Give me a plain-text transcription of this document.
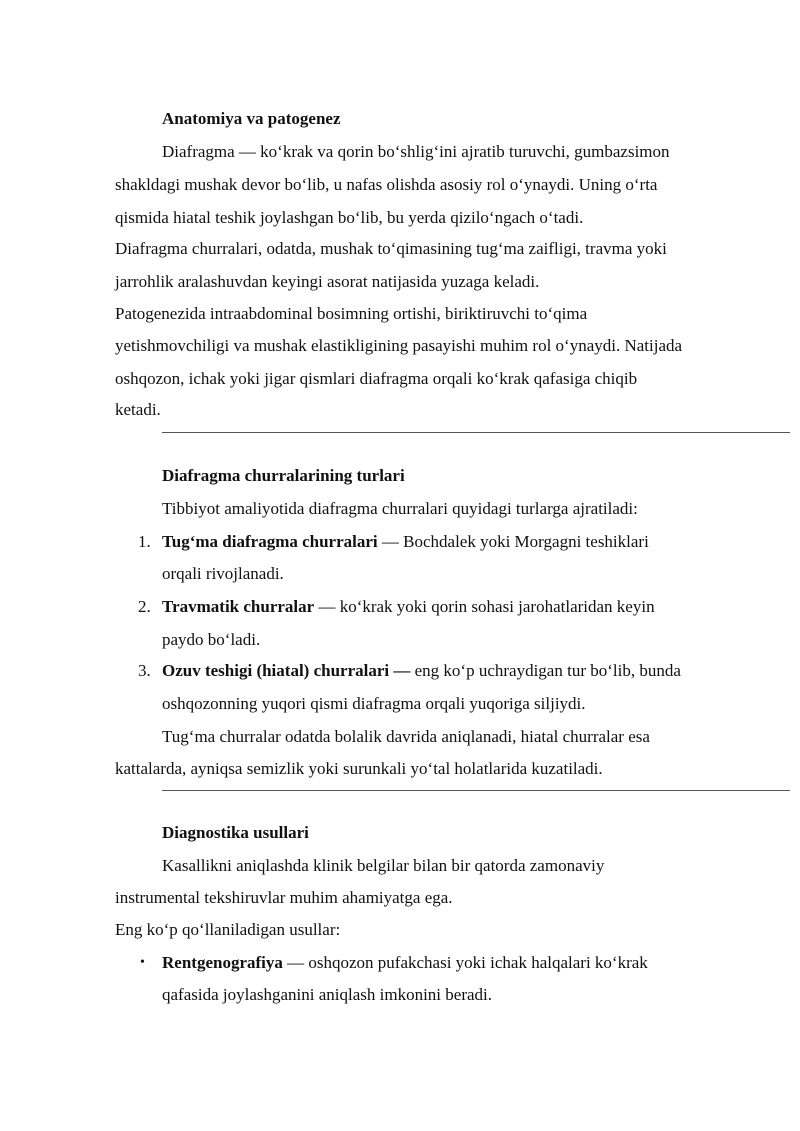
Anatomiya va patogenez
Diafragma — ko‘krak va qorin bo‘shlig‘ini ajratib turuvchi, gumbazsimon
shakldagi mushak devor bo‘lib, u nafas olishda asosiy rol o‘ynaydi. Uning o‘rta
qismida hiatal teshik joylashgan bo‘lib, bu yerda qizilo‘ngach o‘tadi.
Diafragma churralari, odatda, mushak to‘qimasining tug‘ma zaifligi, travma yoki
jarrohlik aralashuvdan keyingi asorat natijasida yuzaga keladi.
Patogenezida intraabdominal bosimning ortishi, biriktiruvchi to‘qima
yetishmovchiligi va mushak elastikligining pasayishi muhim rol o‘ynaydi. Natijada
oshqozon, ichak yoki jigar qismlari diafragma orqali ko‘krak qafasiga chiqib
ketadi.
Diafragma churralarining turlari
Tibbiyot amaliyotida diafragma churralari quyidagi turlarga ajratiladi:
1. Tug‘ma diafragma churralari — Bochdalek yoki Morgagni teshiklari
orqali rivojlanadi.
2. Travmatik churralar — ko‘krak yoki qorin sohasi jarohatlaridan keyin
paydo bo‘ladi.
3. Ozuv teshigi (hiatal) churralari — eng ko‘p uchraydigan tur bo‘lib, bunda
oshqozonning yuqori qismi diafragma orqali yuqoriga siljiydi.
Tug‘ma churralar odatda bolalik davrida aniqlanadi, hiatal churralar esa
kattalarda, ayniqsa semizlik yoki surunkali yo‘tal holatlarida kuzatiladi.
Diagnostika usullari
Kasallikni aniqlashda klinik belgilar bilan bir qatorda zamonaviy
instrumental tekshiruvlar muhim ahamiyatga ega.
Eng ko‘p qo‘llaniladigan usullar:
• Rentgenografiya — oshqozon pufakchasi yoki ichak halqalari ko‘krak
qafasida joylashganini aniqlash imkonini beradi.
